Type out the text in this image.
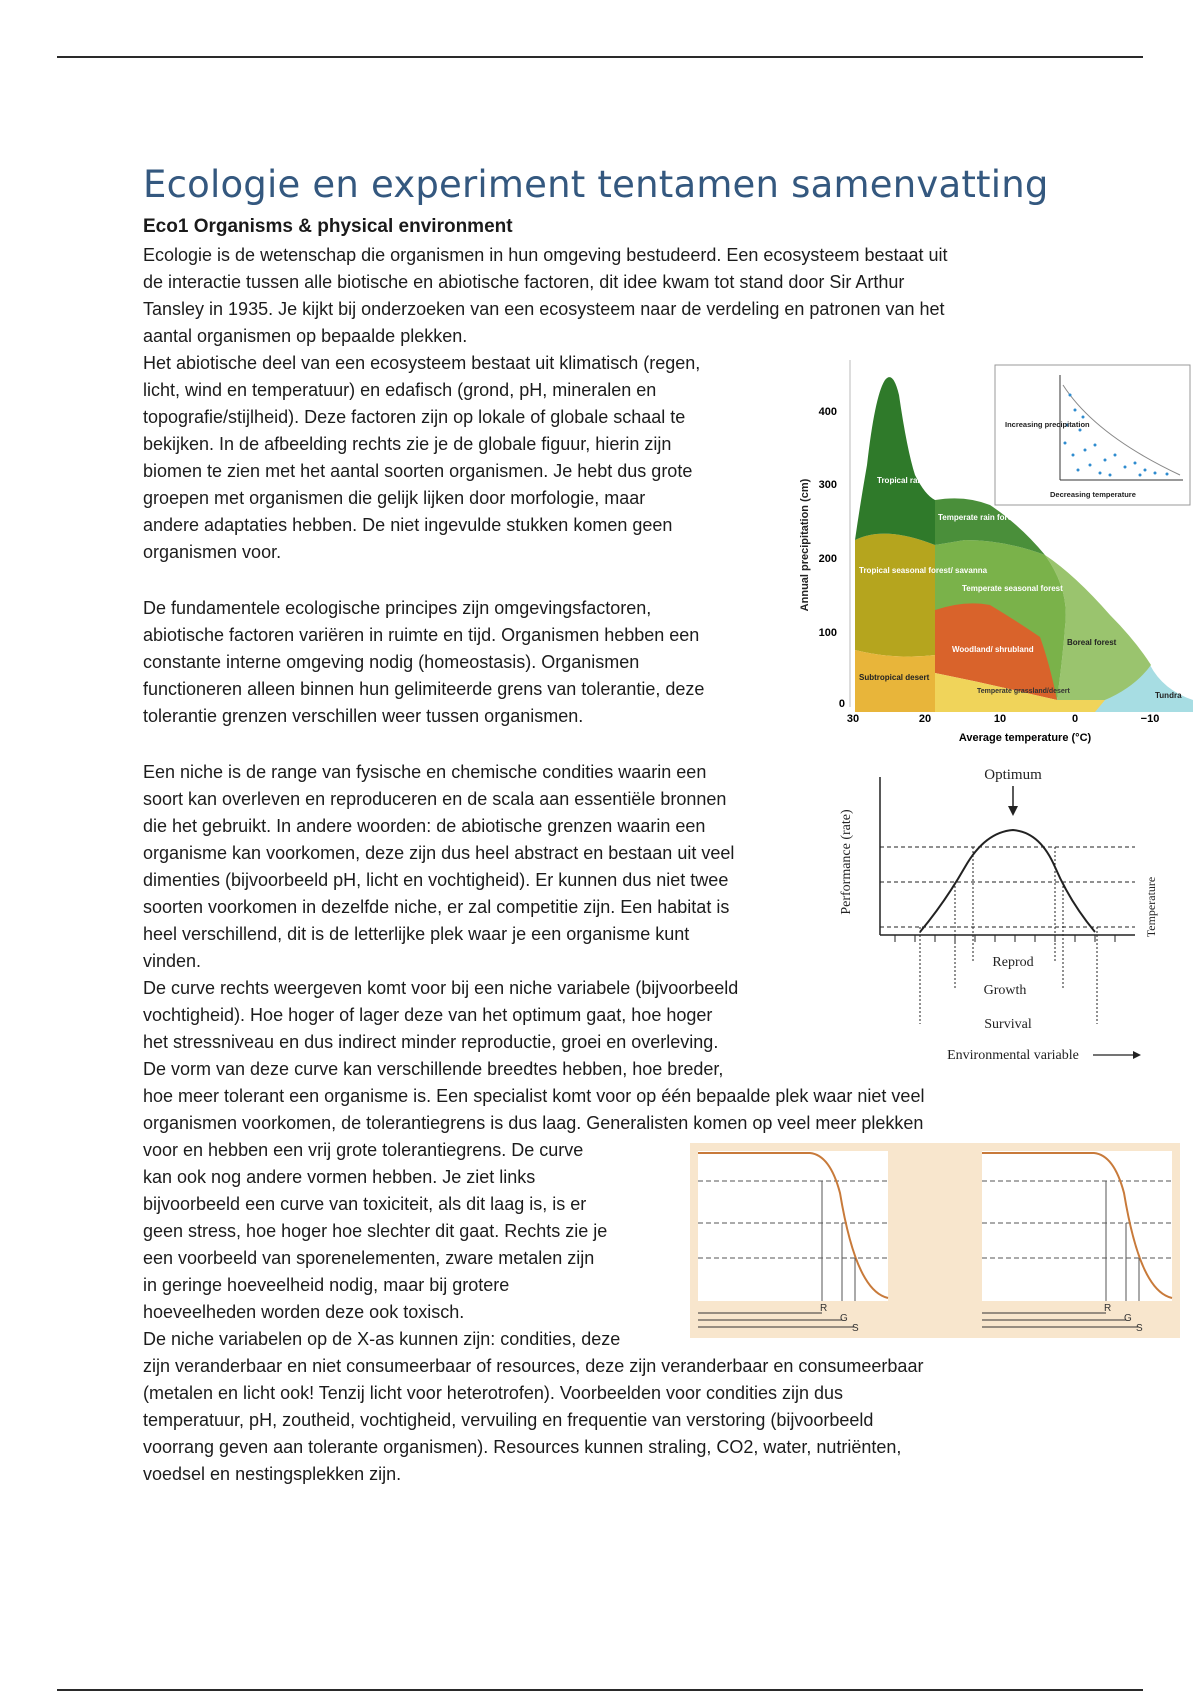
Ecologie en experiment tentamen samenvatting
Eco1 Organisms & physical environment
Ecologie is de wetenschap die organismen in hun omgeving bestudeerd. Een ecosysteem bestaat uit
de interactie tussen alle biotische en abiotische factoren, dit idee kwam tot stand door Sir Arthur
Tansley in 1935. Je kijkt bij onderzoeken van een ecosysteem naar de verdeling en patronen van het
aantal organismen op bepaalde plekken.
Het abiotische deel van een ecosysteem bestaat uit klimatisch (regen,
licht, wind en temperatuur) en edafisch (grond, pH, mineralen en
topografie/stijlheid). Deze factoren zijn op lokale of globale schaal te
bekijken. In de afbeelding rechts zie je de globale figuur, hierin zijn
biomen te zien met het aantal soorten organismen. Je hebt dus grote
groepen met organismen die gelijk lijken door morfologie, maar
andere adaptaties hebben. De niet ingevulde stukken komen geen
organismen voor.
De fundamentele ecologische principes zijn omgevingsfactoren,
abiotische factoren variëren in ruimte en tijd. Organismen hebben een
constante interne omgeving nodig (homeostasis). Organismen
functioneren alleen binnen hun gelimiteerde grens van tolerantie, deze
tolerantie grenzen verschillen weer tussen organismen.
Een niche is de range van fysische en chemische condities waarin een
soort kan overleven en reproduceren en de scala aan essentiële bronnen
die het gebruikt. In andere woorden: de abiotische grenzen waarin een
organisme kan voorkomen, deze zijn dus heel abstract en bestaan uit veel
dimenties (bijvoorbeeld pH, licht en vochtigheid). Er kunnen dus niet twee
soorten voorkomen in dezelfde niche, er zal competitie zijn. Een habitat is
heel verschillend, dit is de letterlijke plek waar je een organisme kunt
vinden.
De curve rechts weergeven komt voor bij een niche variabele (bijvoorbeeld
vochtigheid). Hoe hoger of lager deze van het optimum gaat, hoe hoger
het stressniveau en dus indirect minder reproductie, groei en overleving.
De vorm van deze curve kan verschillende breedtes hebben, hoe breder,
hoe meer tolerant een organisme is. Een specialist komt voor op één bepaalde plek waar niet veel
organismen voorkomen, de tolerantiegrens is dus laag. Generalisten komen op veel meer plekken
voor en hebben een vrij grote tolerantiegrens. De curve
kan ook nog andere vormen hebben. Je ziet links
bijvoorbeeld een curve van toxiciteit, als dit laag is, is er
geen stress, hoe hoger hoe slechter dit gaat. Rechts zie je
een voorbeeld van sporenelementen, zware metalen zijn
in geringe hoeveelheid nodig, maar bij grotere
hoeveelheden worden deze ook toxisch.
De niche variabelen op de X-as kunnen zijn: condities, deze
zijn veranderbaar en niet consumeerbaar of resources, deze zijn veranderbaar en consumeerbaar
(metalen en licht ook! Tenzij licht voor heterotrofen). Voorbeelden voor condities zijn dus
temperatuur, pH, zoutheid, vochtigheid, vervuiling en frequentie van verstoring (bijvoorbeeld
voorrang geven aan tolerante organismen). Resources kunnen straling, CO2, water, nutriënten,
voedsel en nestingsplekken zijn.
Annual precipitation (cm)
400
300
200
100
0
Tropical rain forest
Temperate rain forest
Tropical seasonal forest/ savanna
Temperate seasonal forest
Woodland/ shrubland
Boreal forest
Subtropical desert
Temperate grassland/desert	Tundra
30	20	10	0	−10
Average temperature (°C)
Increasing precipitation
Decreasing temperature
Optimum
Performance (rate)	Temperature
Reprod
Growth
Survival
Environmental variable
R
G
S
R
G
S
